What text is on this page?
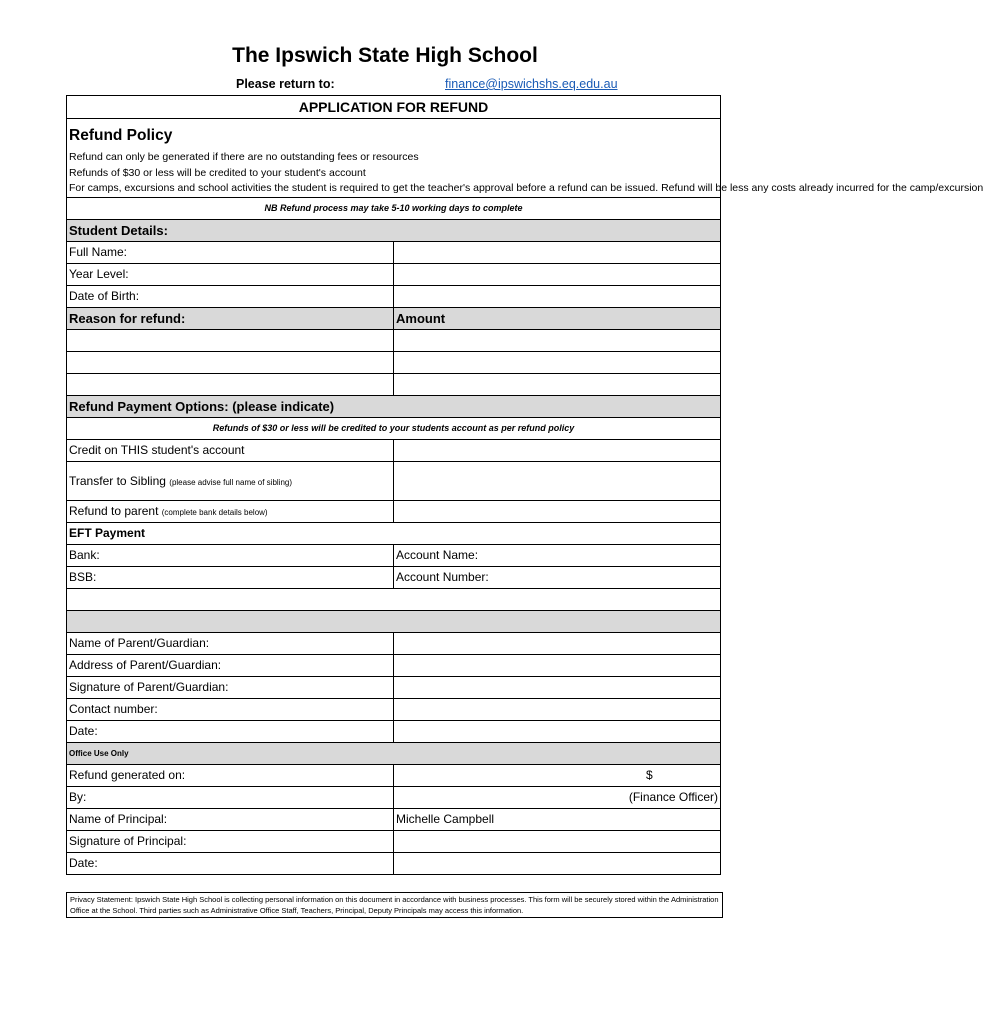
The Ipswich State High School
Please return to:	finance@ipswichshs.eq.edu.au
APPLICATION FOR REFUND	

Refund Policy
Refund can only be generated if there are no outstanding fees or resources
Refunds of $30 or less will be credited to your student's account
For camps, excursions and school activities the student is required to get the teacher's approval before a refund can be issued. Refund will be less any costs already incurred for the camp/excursion	

NB Refund process may take 5-10 working days to complete	
Student Details:	
Full Name:	
Year Level:	
Date of Birth:	
Reason for refund:	Amount

Refund Payment Options: (please indicate)	
Refunds of $30 or less will be credited to your students account as per refund policy	
Credit on THIS student's account	
Transfer to Sibling (please advise full name of sibling)	
Refund to parent (complete bank details below)	
EFT Payment	
Bank:	Account Name:
BSB:	Account Number:

Name of Parent/Guardian:	
Address of Parent/Guardian:	
Signature of Parent/Guardian:	
Contact number:	
Date:	
Office Use Only	
Refund generated on:	$
By:	(Finance Officer)
Name of Principal:	Michelle Campbell
Signature of Principal:	
Date:	
Privacy Statement: Ipswich State High School is collecting personal information on this document in accordance with business processes. This form will be securely stored within the Administration Office at the School. Third parties such as Administrative Office Staff, Teachers, Principal, Deputy Principals may access this information.
